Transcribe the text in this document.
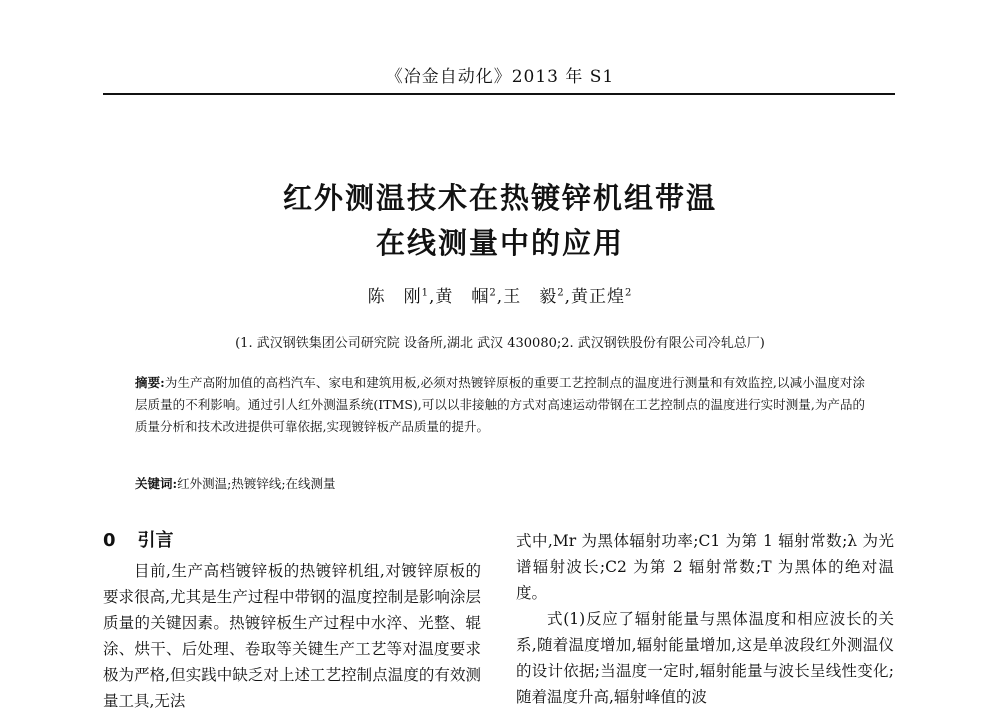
《冶金自动化》2013 年 S1
红外测温技术在热镀锌机组带温
在线测量中的应用
陈　刚$^1$,黄　帼$^2$,王　毅$^2$,黄正煌$^2$
(1. 武汉钢铁集团公司研究院 设备所,湖北 武汉 430080;2. 武汉钢铁股份有限公司冷轧总厂)
摘要:为生产高附加值的高档汽车、家电和建筑用板,必须对热镀锌原板的重要工艺控制点的温度进行测量和有效监控,以减小温度对涂层质量的不利影响。通过引人红外测温系统(ITMS),可以以非接触的方式对高速运动带钢在工艺控制点的温度进行实时测量,为产品的质量分析和技术改进提供可靠依据,实现镀锌板产品质量的提升。
关键词:红外测温;热镀锌线;在线测量
0 引言

目前,生产高档镀锌板的热镀锌机组,对镀锌原板的要求很高,尤其是生产过程中带钢的温度控制是影响涂层质量的关键因素。热镀锌板生产过程中水淬、光整、辊涂、烘干、后处理、卷取等关键生产工艺等对温度要求极为严格,但实践中缺乏对上述工艺控制点温度的有效测量工具,无法

式中,Mr 为黑体辐射功率;C1 为第 1 辐射常数;λ 为光谱辐射波长;C2 为第 2 辐射常数;T 为黑体的绝对温度。

式(1)反应了辐射能量与黑体温度和相应波长的关系,随着温度增加,辐射能量增加,这是单波段红外测温仪的设计依据;当温度一定时,辐射能量与波长呈线性变化;随着温度升高,辐射峰值的波
